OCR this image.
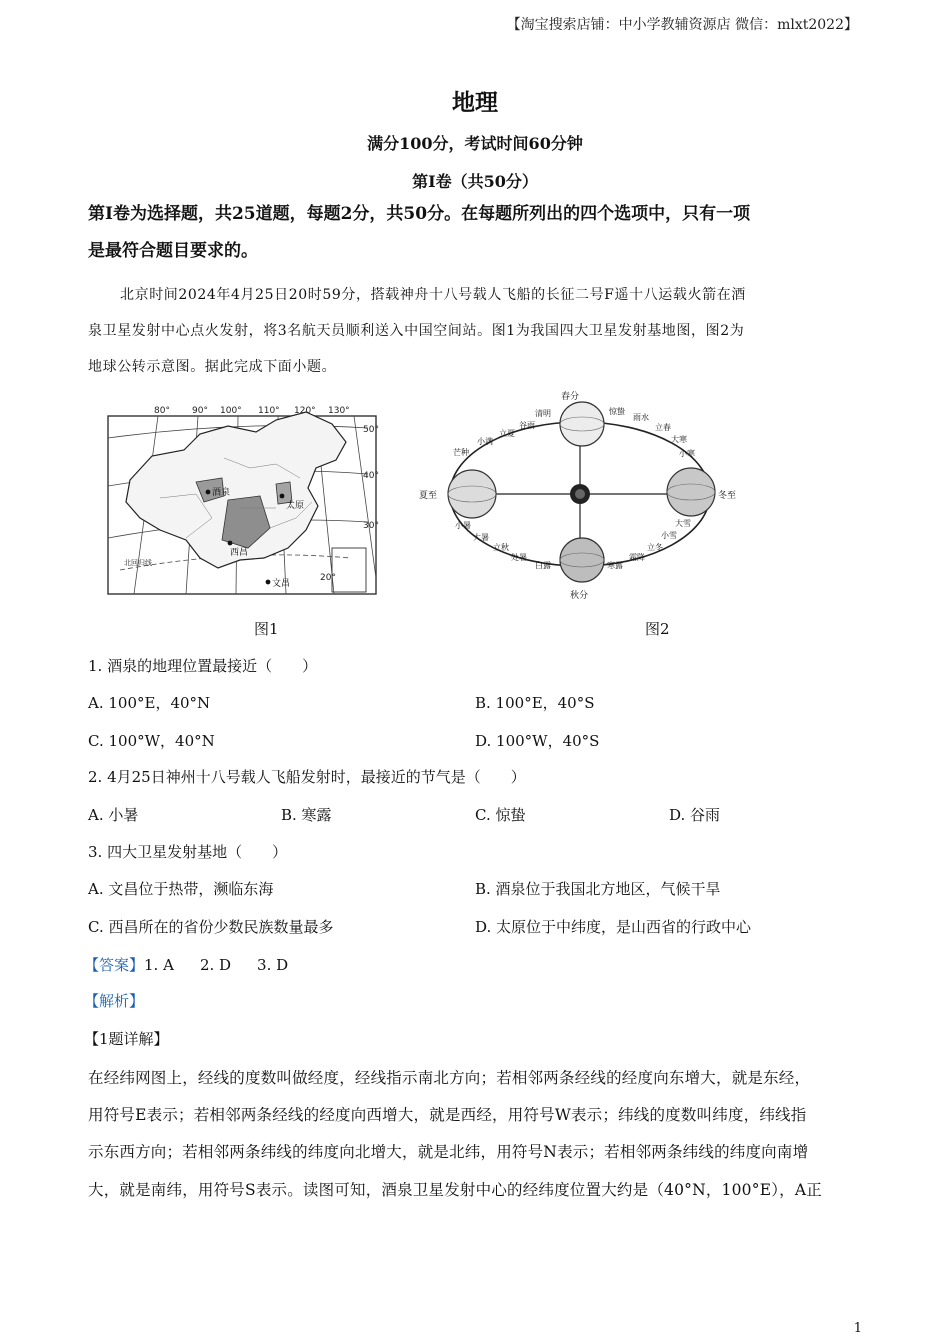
【淘宝搜索店铺：中小学教辅资源店 微信：mlxt2022】
地理
满分100分，考试时间60分钟
第I卷（共50分）
第Ⅰ卷为选择题，共25道题，每题2分，共50分。在每题所列出的四个选项中，只有一项
是最符合题目要求的。
北京时间2024年4月25日20时59分，搭载神舟十八号载人飞船的长征二号F遥十八运载火箭在酒
泉卫星发射中心点火发射，将3名航天员顺利送入中国空间站。图1为我国四大卫星发射基地图，图2为
地球公转示意图。据此完成下面小题。
80° 90° 100° 110° 120° 130°
50°
40°
30°
20°
酒泉
太原
西昌
文昌
北回归线
图1
春分
夏至	冬至
秋分
清明
谷雨
立夏
小满
芒种
惊蛰
雨水
立春
大寒
小寒
小暑
大暑
立秋
处暑
白露	寒露
霜降
立冬
小雪
大雪
图2
1. 酒泉的地理位置最接近（　　）
A. 100°E，40°N	B. 100°E，40°S
C. 100°W，40°N	D. 100°W，40°S
2. 4月25日神州十八号载人飞船发射时，最接近的节气是（　　）
A. 小暑	B. 寒露	C. 惊蛰	D. 谷雨
3. 四大卫星发射基地（　　）
A. 文昌位于热带，濒临东海	B. 酒泉位于我国北方地区，气候干旱
C. 西昌所在的省份少数民族数量最多	D. 太原位于中纬度，是山西省的行政中心
【答案】1. A 2. D 3. D
【解析】
【1题详解】
在经纬网图上，经线的度数叫做经度，经线指示南北方向；若相邻两条经线的经度向东增大，就是东经，
用符号E表示；若相邻两条经线的经度向西增大，就是西经，用符号W表示；纬线的度数叫纬度，纬线指
示东西方向；若相邻两条纬线的纬度向北增大，就是北纬，用符号N表示；若相邻两条纬线的纬度向南增
大，就是南纬，用符号S表示。读图可知，酒泉卫星发射中心的经纬度位置大约是（40°N，100°E），A正
1
